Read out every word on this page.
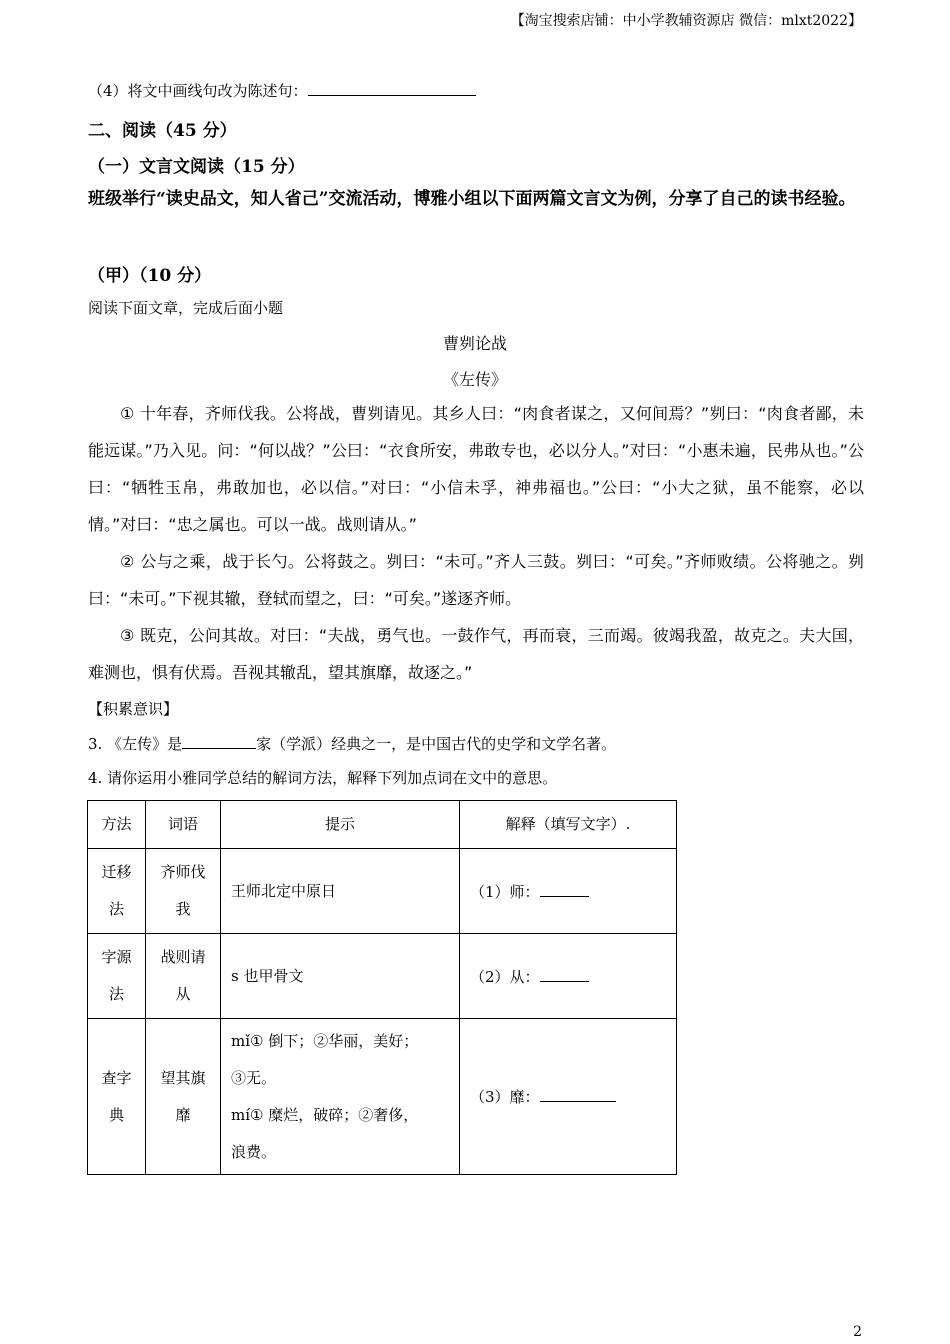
【淘宝搜索店铺：中小学教辅资源店 微信：mlxt2022】
（4）将文中画线句改为陈述句：
二、阅读（45 分）
（一）文言文阅读（15 分）
班级举行“读史品文，知人省己”交流活动，博雅小组以下面两篇文言文为例，分享了自己的读书经验。
（甲）（10 分）
阅读下面文章，完成后面小题
曹刿论战
《左传》

① 十年春，齐师伐我。公将战，曹刿请见。其乡人曰：“肉食者谋之，又何间焉？”刿曰：“肉食者鄙，未能远谋。”乃入见。问：“何以战？”公曰：“衣食所安，弗敢专也，必以分人。”对曰：“小惠未遍，民弗从也。”公曰：“牺牲玉帛，弗敢加也，必以信。”对曰：“小信未孚，神弗福也。”公曰：“小大之狱，虽不能察，必以情。”对曰：“忠之属也。可以一战。战则请从。”

② 公与之乘，战于长勺。公将鼓之。刿曰：“未可。”齐人三鼓。刿曰：“可矣。”齐师败绩。公将驰之。刿曰：“未可。”下视其辙，登轼而望之，曰：“可矣。”遂逐齐师。

③ 既克，公问其故。对曰：“夫战，勇气也。一鼓作气，再而衰，三而竭。彼竭我盈，故克之。夫大国，难测也，惧有伏焉。吾视其辙乱，望其旗靡，故逐之。”

【积累意识】
3. 《左传》是	家（学派）经典之一，是中国古代的史学和文学名著。
4. 请你运用小雅同学总结的解词方法，解释下列加点词在文中的意思。
方法	词语	提示	解释（填写文字）.

迁移法	齐师伐我	王师北定中原日	（1）师：

字源法	战则请从	s 也甲骨文	（2）从：

查字典	望其旗靡	mǐ① 倒下；②华丽，美好；
③无。
mí① 糜烂，破碎；②奢侈，
浪费。	（3）靡：
2
